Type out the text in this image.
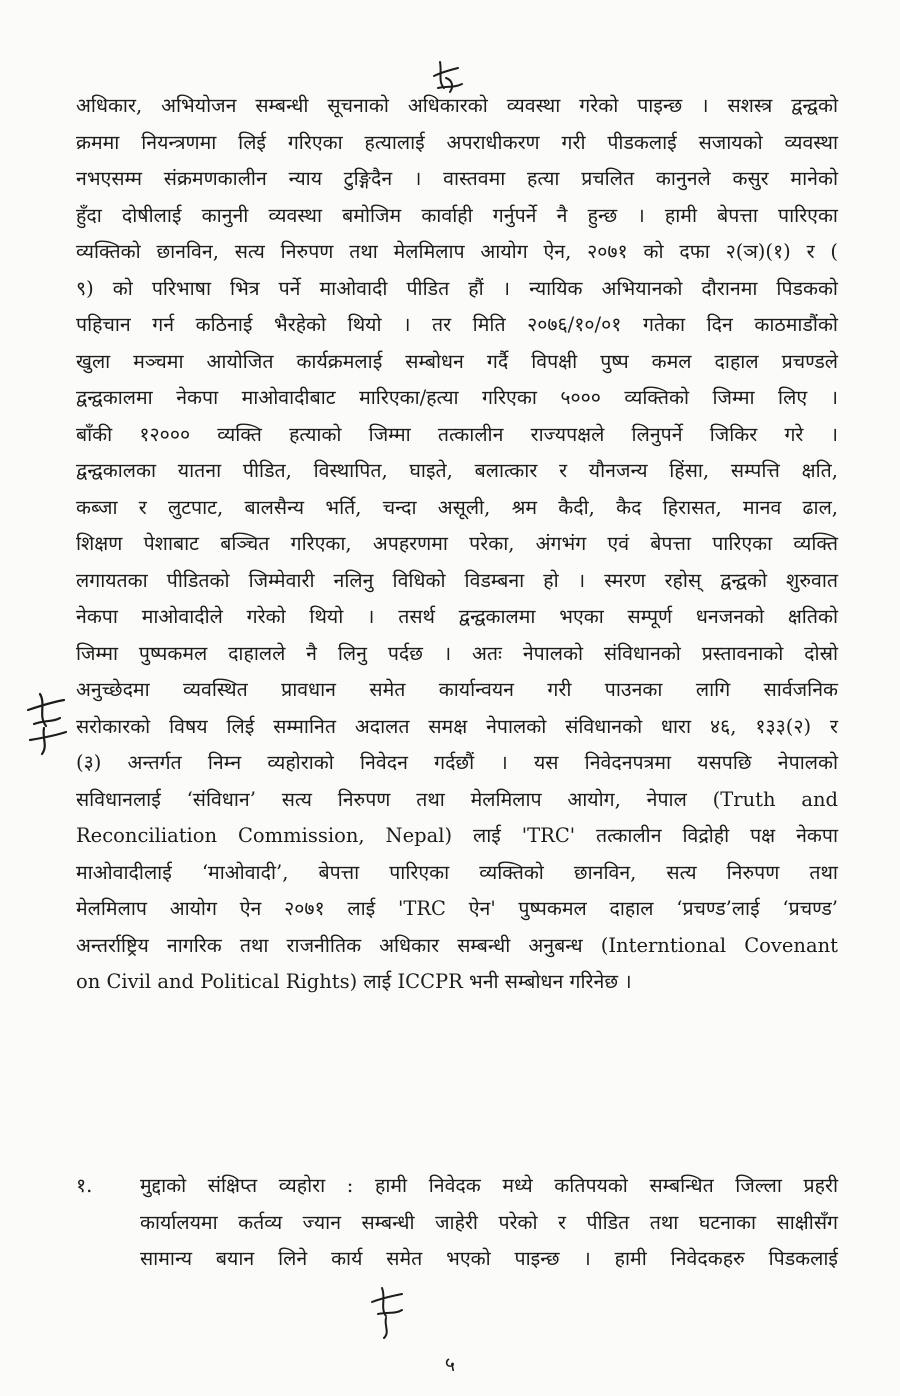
अधिकार, अभियोजन सम्बन्धी सूचनाको अधिकारको व्यवस्था गरेको पाइन्छ । सशस्त्र द्वन्द्वको
क्रममा नियन्त्रणमा लिई गरिएका हत्यालाई अपराधीकरण गरी पीडकलाई सजायको व्यवस्था
नभएसम्म संक्रमणकालीन न्याय टुङ्गिदैन । वास्तवमा हत्या प्रचलित कानुनले कसुर मानेको
हुँदा दोषीलाई कानुनी व्यवस्था बमोजिम कार्वाही गर्नुपर्ने नै हुन्छ । हामी बेपत्ता पारिएका
व्यक्तिको छानविन, सत्य निरुपण तथा मेलमिलाप आयोग ऐन, २०७१ को दफा २(ञ)(१) र (
९) को परिभाषा भित्र पर्ने माओवादी पीडित हौं । न्यायिक अभियानको दौरानमा पिडकको
पहिचान गर्न कठिनाई भैरहेको थियो । तर मिति २०७६/१०/०१ गतेका दिन काठमाडौंको
खुला मञ्चमा आयोजित कार्यक्रमलाई सम्बोधन गर्दै विपक्षी पुष्प कमल दाहाल प्रचण्डले
द्वन्द्वकालमा नेकपा माओवादीबाट मारिएका/हत्या गरिएका ५००० व्यक्तिको जिम्मा लिए ।
बाँकी १२००० व्यक्ति हत्याको जिम्मा तत्कालीन राज्यपक्षले लिनुपर्ने जिकिर गरे ।
द्वन्द्वकालका यातना पीडित, विस्थापित, घाइते, बलात्कार र यौनजन्य हिंसा, सम्पत्ति क्षति,
कब्जा र लुटपाट, बालसैन्य भर्ति, चन्दा असूली, श्रम कैदी, कैद हिरासत, मानव ढाल,
शिक्षण पेशाबाट बञ्चित गरिएका, अपहरणमा परेका, अंगभंग एवं बेपत्ता पारिएका व्यक्ति
लगायतका पीडितको जिम्मेवारी नलिनु विधिको विडम्बना हो । स्मरण रहोस् द्वन्द्वको शुरुवात
नेकपा माओवादीले गरेको थियो । तसर्थ द्वन्द्वकालमा भएका सम्पूर्ण धनजनको क्षतिको
जिम्मा पुष्पकमल दाहालले नै लिनु पर्दछ । अतः नेपालको संविधानको प्रस्तावनाको दोस्रो
अनुच्छेदमा व्यवस्थित प्रावधान समेत कार्यान्वयन गरी पाउनका लागि सार्वजनिक
सरोकारको विषय लिई सम्मानित अदालत समक्ष नेपालको संविधानको धारा ४६, १३३(२) र
(३) अन्तर्गत निम्न व्यहोराको निवेदन गर्दछौं । यस निवेदनपत्रमा यसपछि नेपालको
सविधानलाई ‘संविधान’ सत्य निरुपण तथा मेलमिलाप आयोग, नेपाल (Truth and
Reconciliation Commission, Nepal) लाई 'TRC' तत्कालीन विद्रोही पक्ष नेकपा
माओवादीलाई ‘माओवादी’, बेपत्ता पारिएका व्यक्तिको छानविन, सत्य निरुपण तथा
मेलमिलाप आयोग ऐन २०७१ लाई 'TRC ऐन' पुष्पकमल दाहाल ‘प्रचण्ड’लाई ‘प्रचण्ड’
अन्तर्राष्ट्रिय नागरिक तथा राजनीतिक अधिकार सम्बन्धी अनुबन्ध (Interntional Covenant
on Civil and Political Rights) लाई ICCPR भनी सम्बोधन गरिनेछ ।
१.	मुद्दाको संक्षिप्त व्यहोरा : हामी निवेदक मध्ये कतिपयको सम्बन्धित जिल्ला प्रहरी
कार्यालयमा कर्तव्य ज्यान सम्बन्धी जाहेरी परेको र पीडित तथा घटनाका साक्षीसँग
सामान्य बयान लिने कार्य समेत भएको पाइन्छ । हामी निवेदकहरु पिडकलाई
५
